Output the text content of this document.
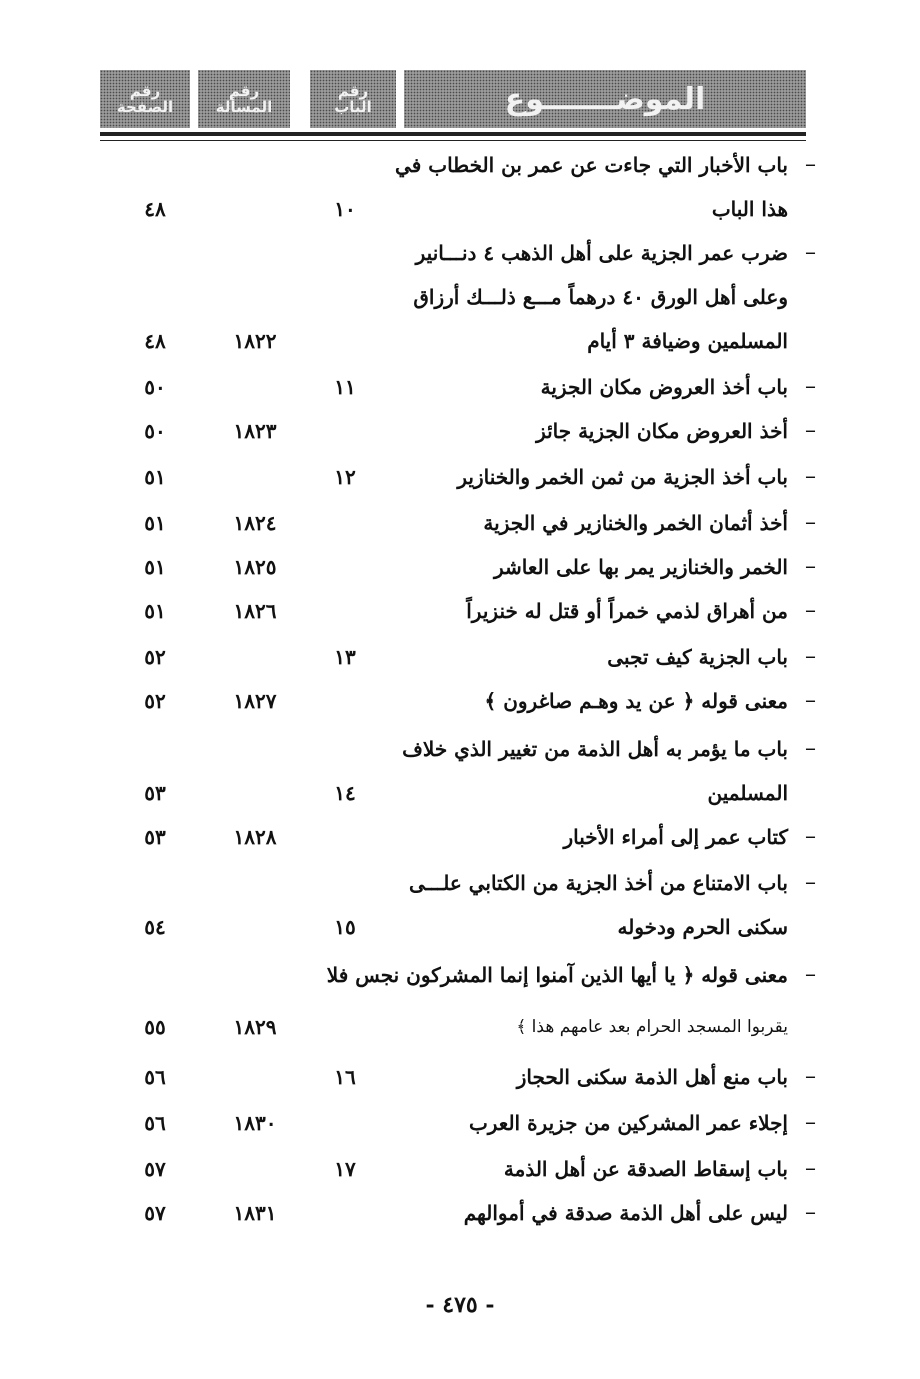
رقم
الصفحة
رقم
المسألة
رقم
الباب	الموضـــــــوع
–
باب الأخبار التي جاءت عن عمر بن الخطاب في
هذا الباب
١٠
٤٨
–
ضرب عمر الجزية على أهل الذهب ٤ دنـــانير
وعلى أهل الورق ٤٠ درهماً مـــع ذلـــك أرزاق
المسلمين وضيافة ٣ أيام
١٨٢٢
٤٨
–
باب أخذ العروض مكان الجزية
١١
٥٠
–
أخذ العروض مكان الجزية جائز
١٨٢٣
٥٠
–
باب أخذ الجزية من ثمن الخمر والخنازير
١٢
٥١
–
أخذ أثمان الخمر والخنازير في الجزية
١٨٢٤
٥١
–
الخمر والخنازير يمر بها على العاشر
١٨٢٥
٥١
–
من أهراق لذمي خمراً أو قتل له خنزيراً
١٨٢٦
٥١
–
باب الجزية كيف تجبى
١٣
٥٢
–
معنى قوله ﴿ عن يد وهـم صاغرون ﴾
١٨٢٧
٥٢
–
باب ما يؤمر به أهل الذمة من تغيير الذي خلاف
المسلمين
١٤
٥٣
–
كتاب عمر إلى أمراء الأخبار
١٨٢٨
٥٣
–
باب الامتناع من أخذ الجزية من الكتابي علـــى
سكنى الحرم ودخوله
١٥
٥٤
–
معنى قوله ﴿ يا أيها الذين آمنوا إنما المشركون نجس فلا
يقربوا المسجد الحرام بعد عامهم هذا ﴾
١٨٢٩
٥٥
–
باب منع أهل الذمة سكنى الحجاز
١٦
٥٦
–
إجلاء عمر المشركين من جزيرة العرب
١٨٣٠
٥٦
–
باب إسقاط الصدقة عن أهل الذمة
١٧
٥٧
–
ليس على أهل الذمة صدقة في أموالهم
١٨٣١
٥٧
- ٤٧٥ -
